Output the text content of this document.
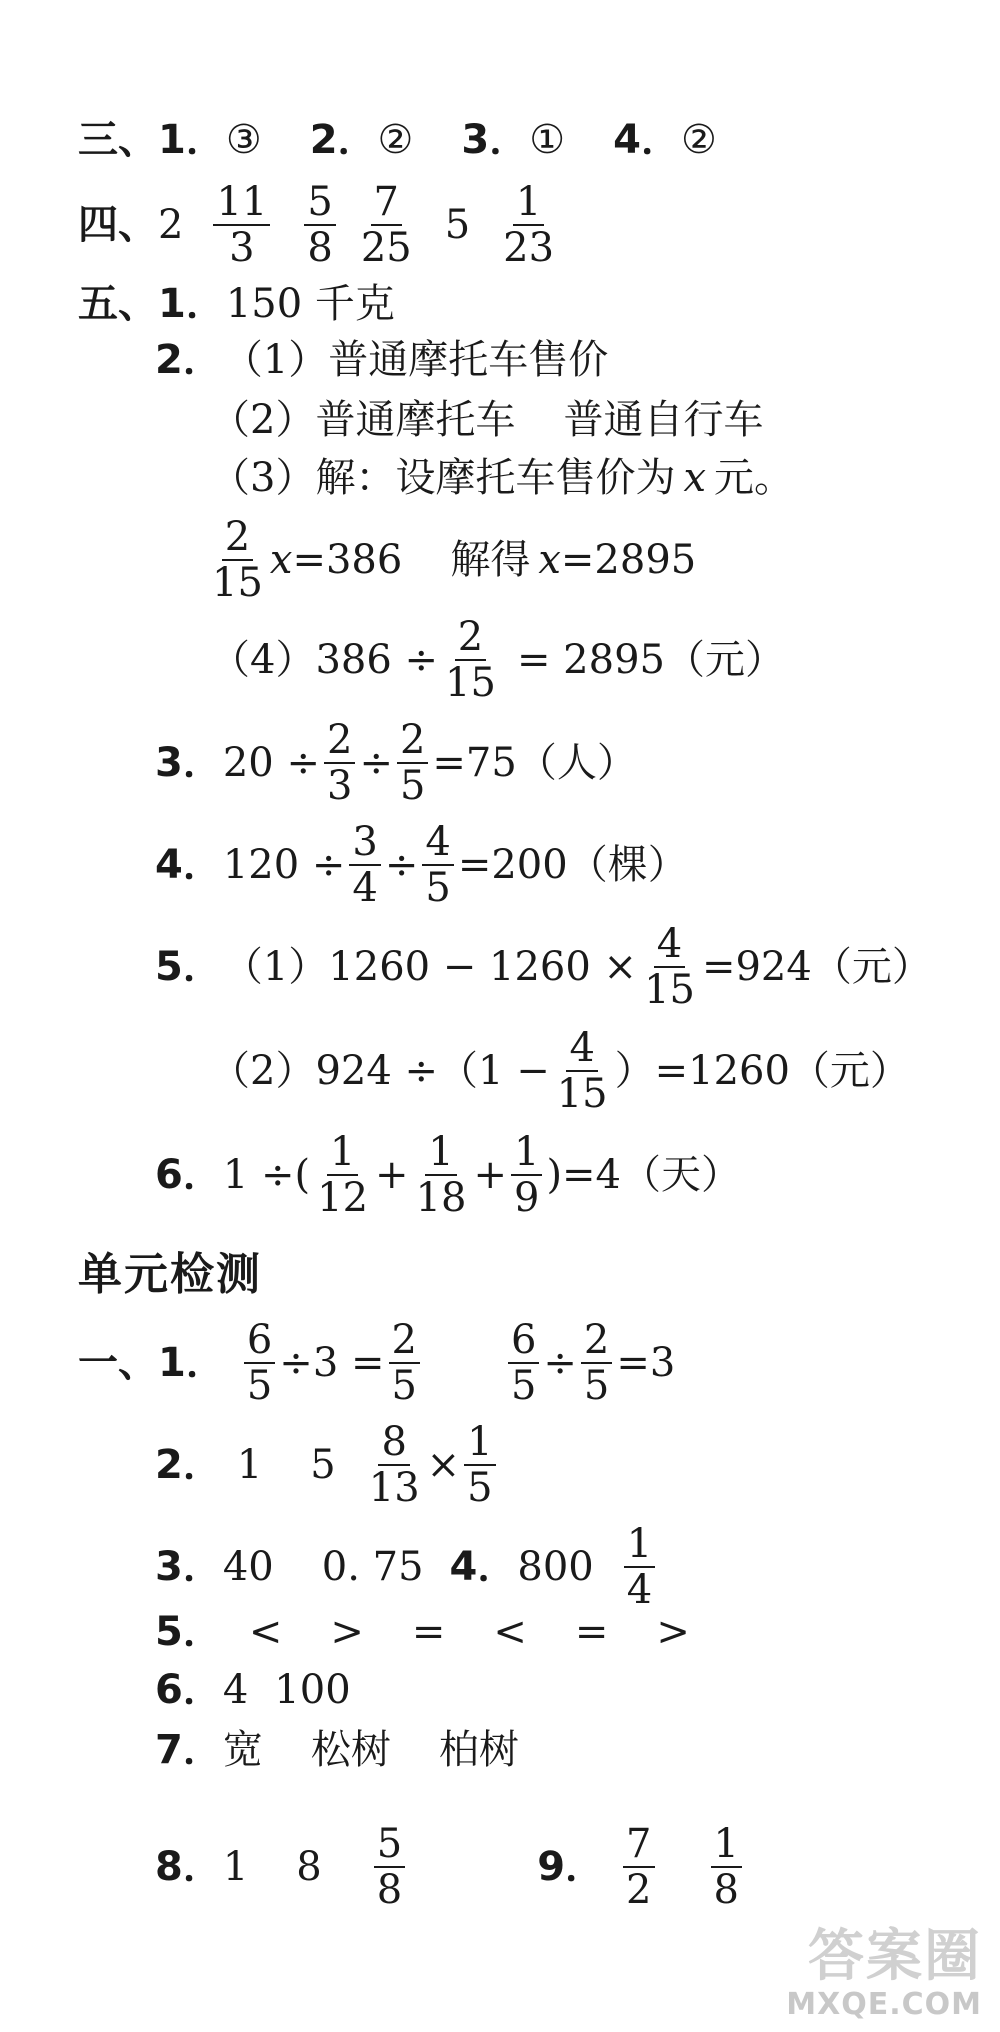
三、 1． ③ 2． ② 3． ① 4． ②
四、 2 11
3
5
8
7
25 5 1
23
五、 1． 150 千克
2． （1）普通摩托车售价
（2）普通摩托车 普通自行车
（3）解：设摩托车售价为 x 元。
2
15 x =386 解得 x =2895
$(4)386 \div \frac{2}{15} = 2895$（元）
3． $20 \div \frac{2}{3} \div \frac{2}{5} =75$（人）
4． $120 \div \frac{3}{4} \div \frac{4}{5} =200$（棵）
5． $(1)1260 - 1260 \times \frac{4}{15} =924$（元）
$(2)924 \div(1 - \frac{4}{15} )=1260$（元）
6． 1 ÷( 1
$12 + \frac{1}{18} + \frac{1}{9} )=4$（天）
单元检测
一、 1． $\frac{6}{5} \div 3 = \frac{2}{5} \frac{6}{5} \div \frac{2}{5} =3$
2． 1 $5 \frac{8}{13} \times \frac{1}{5}$
3． 40 0. 75 4． 800 1
4
5． < > = < = >
6． 4 100
7． 宽 松树 柏树
8． 1 8 5
8	9． 7
2
1
8
答案圈
MXQE.COM
